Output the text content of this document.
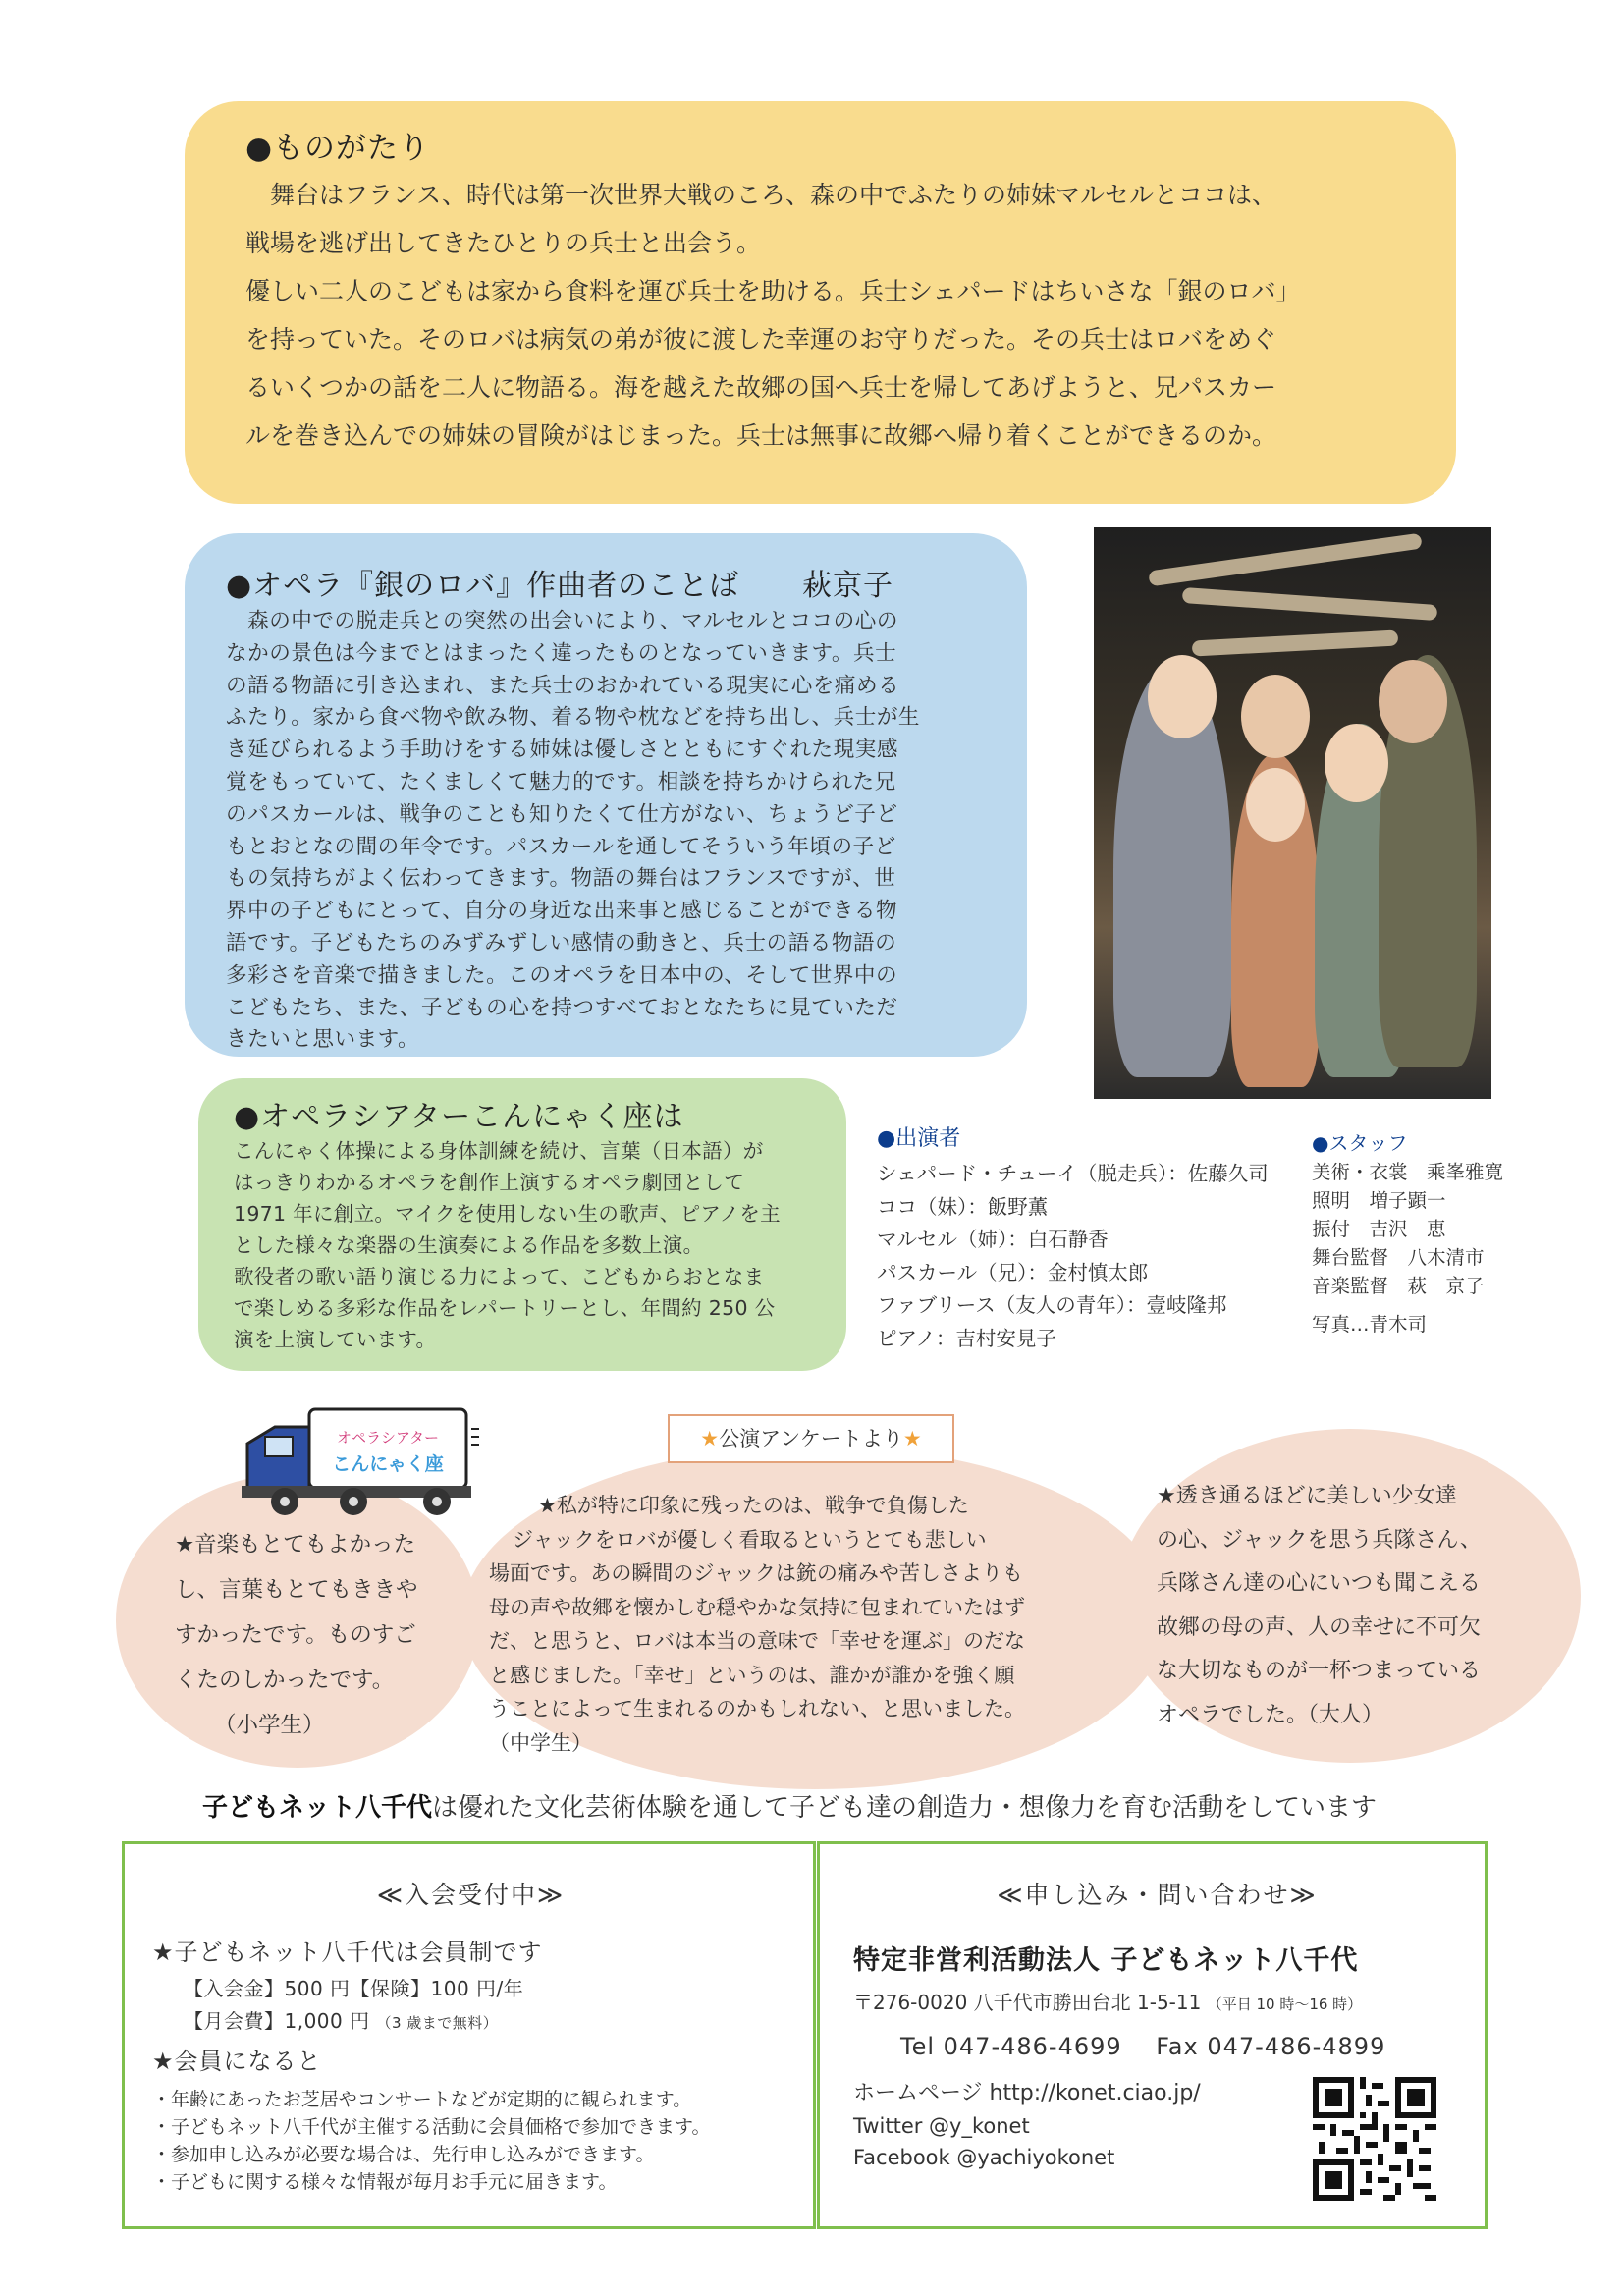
●ものがたり
　舞台はフランス、時代は第一次世界大戦のころ、森の中でふたりの姉妹マルセルとココは、
戦場を逃げ出してきたひとりの兵士と出会う。
優しい二人のこどもは家から食料を運び兵士を助ける。兵士シェパードはちいさな「銀のロバ」
を持っていた。そのロバは病気の弟が彼に渡した幸運のお守りだった。その兵士はロバをめぐ
るいくつかの話を二人に物語る。海を越えた故郷の国へ兵士を帰してあげようと、兄パスカー
ルを巻き込んでの姉妹の冒険がはじまった。兵士は無事に故郷へ帰り着くことができるのか。
●オペラ『銀のロバ』作曲者のことば 萩京子
　森の中での脱走兵との突然の出会いにより、マルセルとココの心の
なかの景色は今までとはまったく違ったものとなっていきます。兵士
の語る物語に引き込まれ、また兵士のおかれている現実に心を痛める
ふたり。家から食べ物や飲み物、着る物や枕などを持ち出し、兵士が生
き延びられるよう手助けをする姉妹は優しさとともにすぐれた現実感
覚をもっていて、たくましくて魅力的です。相談を持ちかけられた兄
のパスカールは、戦争のことも知りたくて仕方がない、ちょうど子ど
もとおとなの間の年令です。パスカールを通してそういう年頃の子ど
もの気持ちがよく伝わってきます。物語の舞台はフランスですが、世
界中の子どもにとって、自分の身近な出来事と感じることができる物
語です。子どもたちのみずみずしい感情の動きと、兵士の語る物語の
多彩さを音楽で描きました。このオペラを日本中の、そして世界中の
こどもたち、また、子どもの心を持つすべておとなたちに見ていただ
きたいと思います。
●オペラシアターこんにゃく座は
こんにゃく体操による身体訓練を続け、言葉（日本語）が
はっきりわかるオペラを創作上演するオペラ劇団として
1971 年に創立。マイクを使用しない生の歌声、ピアノを主
とした様々な楽器の生演奏による作品を多数上演。
歌役者の歌い語り演じる力によって、こどもからおとなま
で楽しめる多彩な作品をレパートリーとし、年間約 250 公
演を上演しています。
●出演者
シェパード・チューイ（脱走兵）：佐藤久司
ココ（妹）：飯野薫
マルセル（姉）：白石静香
パスカール（兄）：金村慎太郎
ファブリース（友人の青年）：壹岐隆邦
ピアノ：吉村安見子
●スタッフ
美術・衣裳　乘峯雅寛
照明　増子顕一
振付　吉沢　恵
舞台監督　八木清市
音楽監督　萩　京子
写真…青木司
オペラシアター
こんにゃく座
★公演アンケートより★
★音楽もとてもよかった
し、言葉もとてもききや
すかったです。ものすご
くたのしかったです。
（小学生）
★私が特に印象に残ったのは、戦争で負傷した
ジャックをロバが優しく看取るというとても悲しい
場面です。あの瞬間のジャックは銃の痛みや苦しさよりも
母の声や故郷を懐かしむ穏やかな気持に包まれていたはず
だ、と思うと、ロバは本当の意味で「幸せを運ぶ」のだな
と感じました。「幸せ」というのは、誰かが誰かを強く願
うことによって生まれるのかもしれない、と思いました。
（中学生）
★透き通るほどに美しい少女達
の心、ジャックを思う兵隊さん、
兵隊さん達の心にいつも聞こえる
故郷の母の声、人の幸せに不可欠
な大切なものが一杯つまっている
オペラでした。（大人）
子どもネット八千代は優れた文化芸術体験を通して子ども達の創造力・想像力を育む活動をしています
≪入会受付中≫
★子どもネット八千代は会員制です
【入会金】500 円【保険】100 円/年
【月会費】1,000 円 （3 歳まで無料）
★会員になると
・年齢にあったお芝居やコンサートなどが定期的に観られます。
・子どもネット八千代が主催する活動に会員価格で参加できます。
・参加申し込みが必要な場合は、先行申し込みができます。
・子どもに関する様々な情報が毎月お手元に届きます。
≪申し込み・問い合わせ≫
特定非営利活動法人 子どもネット八千代
〒276-0020 八千代市勝田台北 1-5-11 （平日 10 時～16 時）
Tel 047-486-4699 Fax 047-486-4899
ホームページ http://konet.ciao.jp/
Twitter @y_konet
Facebook @yachiyokonet
